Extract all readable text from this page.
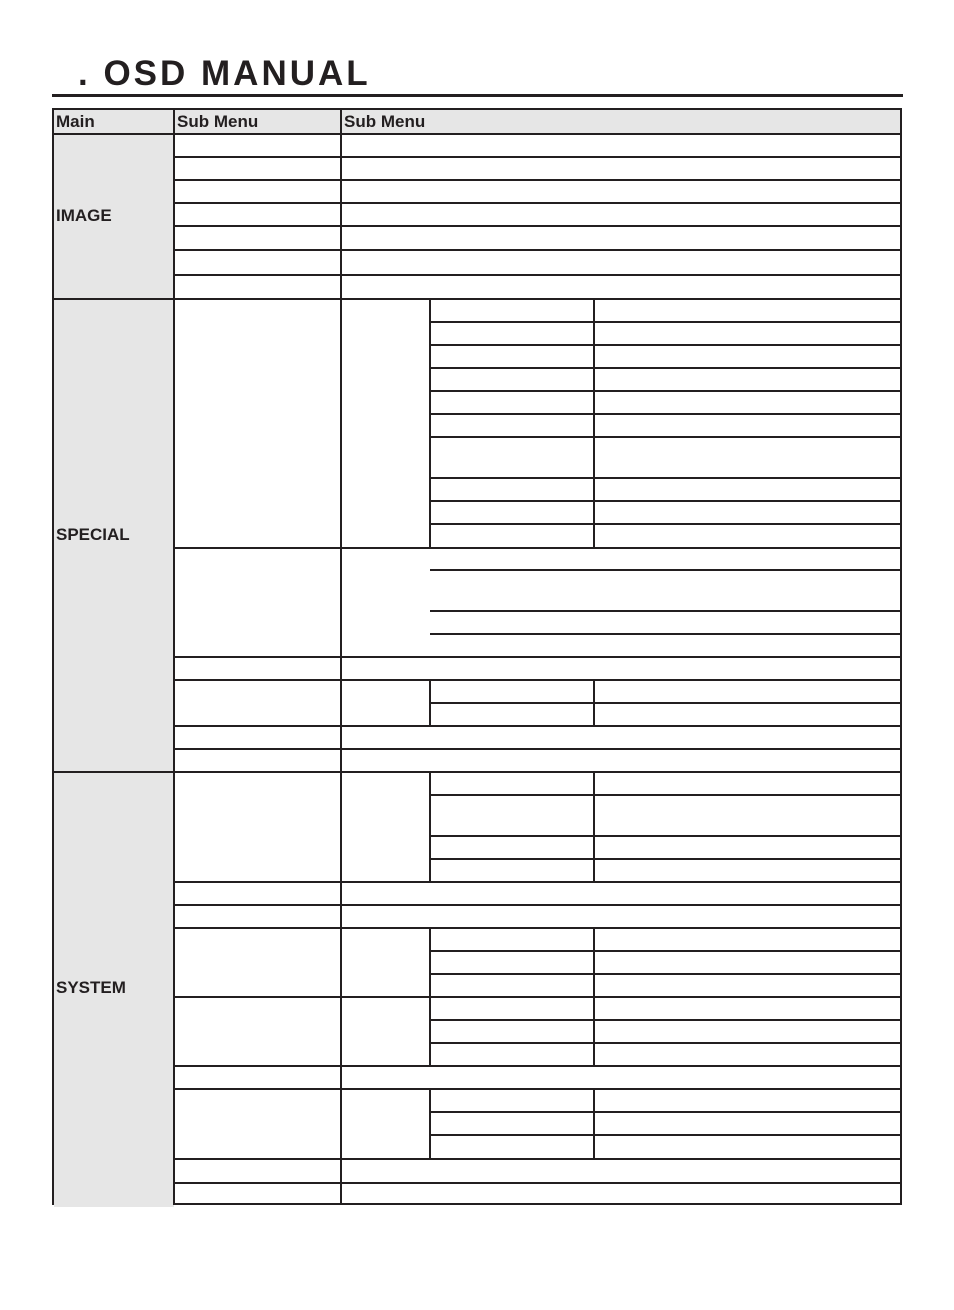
. OSD MANUAL
Main	Sub Menu	Sub Menu
IMAGE
SPECIAL
SYSTEM
